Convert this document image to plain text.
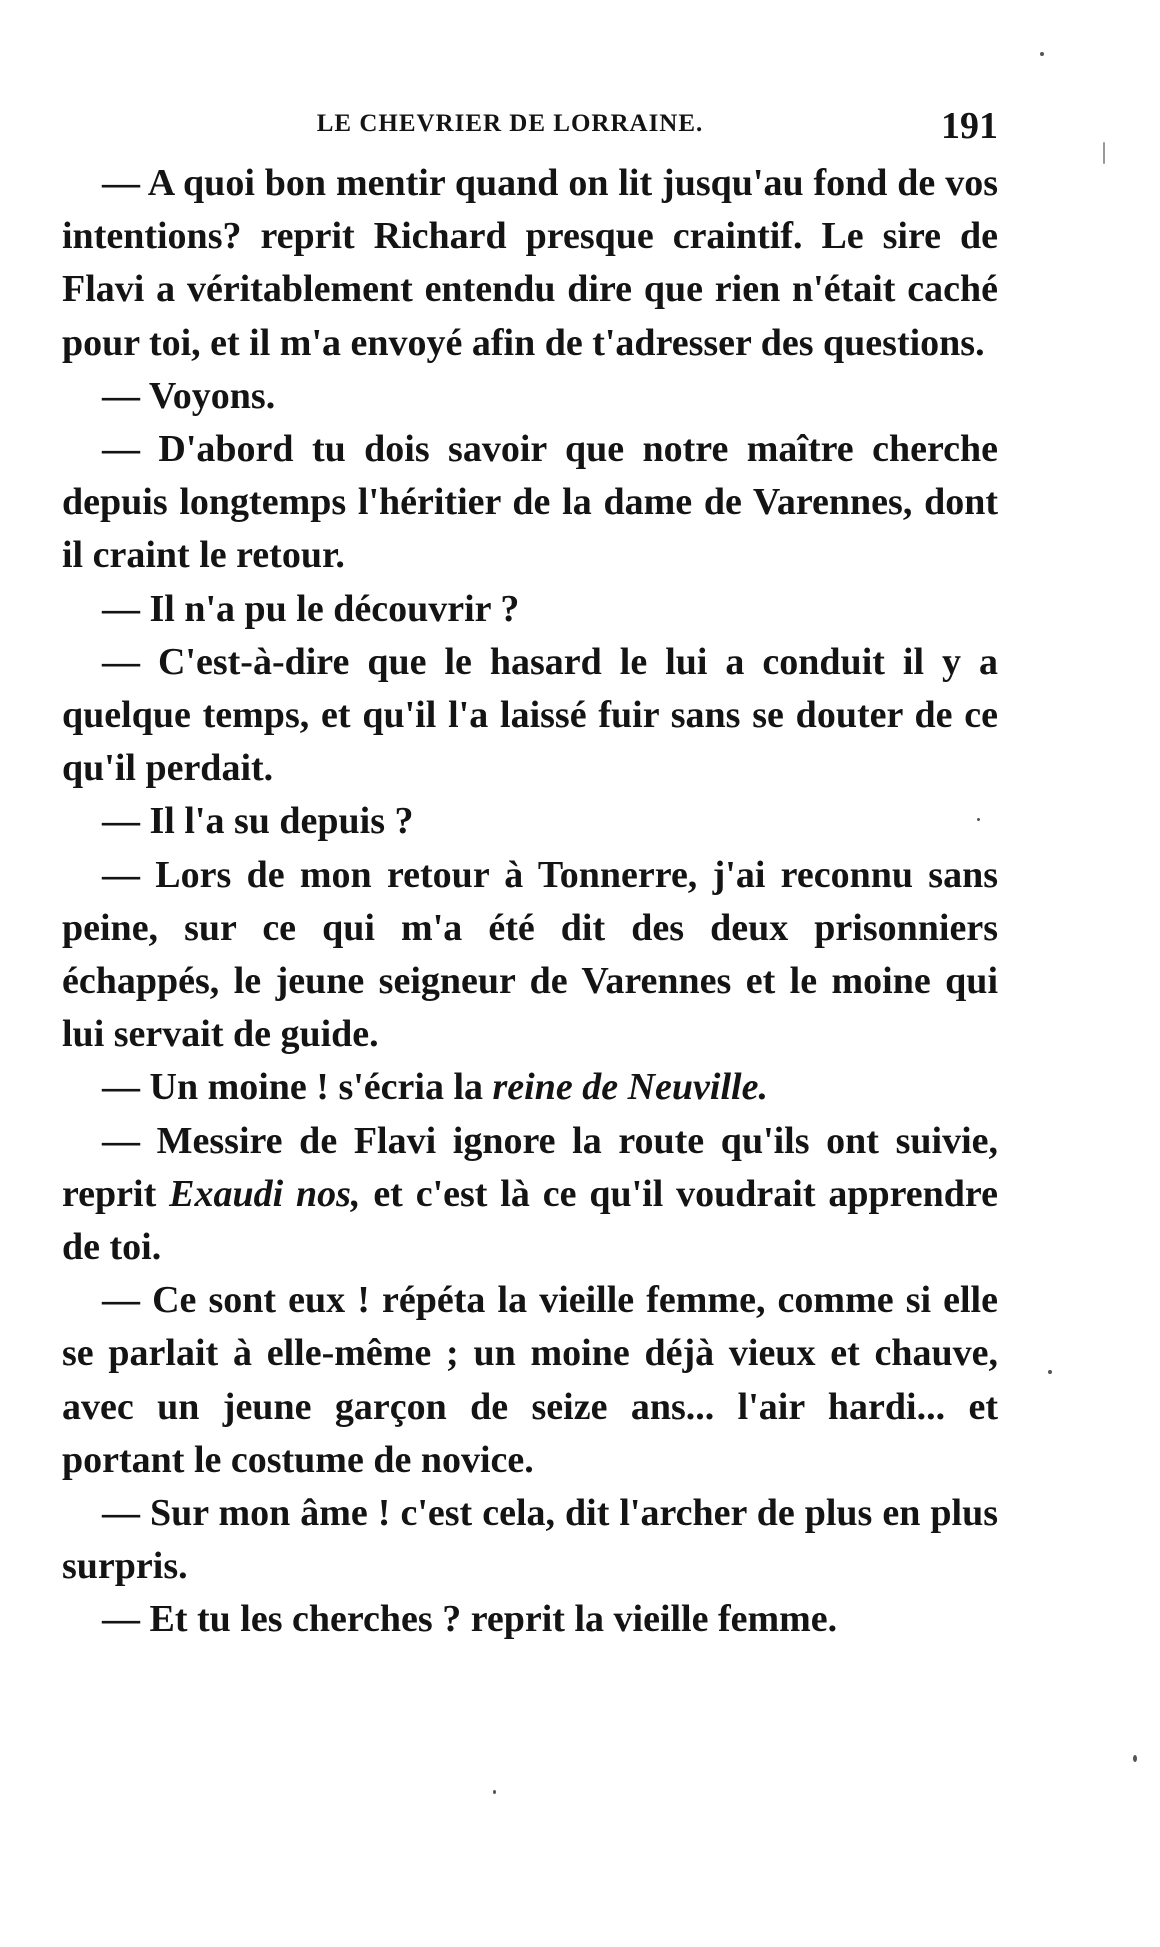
LE CHEVRIER DE LORRAINE.	191

— A quoi bon mentir quand on lit jusqu'au fond de vos intentions? reprit Richard presque craintif. Le sire de Flavi a véritablement entendu dire que rien n'était caché pour toi, et il m'a envoyé afin de t'adresser des questions.

— Voyons.

— D'abord tu dois savoir que notre maître cherche depuis longtemps l'héritier de la dame de Varennes, dont il craint le retour.

— Il n'a pu le découvrir ?

— C'est-à-dire que le hasard le lui a conduit il y a quelque temps, et qu'il l'a laissé fuir sans se douter de ce qu'il perdait.

— Il l'a su depuis ?

— Lors de mon retour à Tonnerre, j'ai reconnu sans peine, sur ce qui m'a été dit des deux prisonniers échappés, le jeune seigneur de Varennes et le moine qui lui servait de guide.

— Un moine ! s'écria la reine de Neuville.

— Messire de Flavi ignore la route qu'ils ont suivie, reprit Exaudi nos, et c'est là ce qu'il voudrait apprendre de toi.

— Ce sont eux ! répéta la vieille femme, comme si elle se parlait à elle-même ; un moine déjà vieux et chauve, avec un jeune garçon de seize ans... l'air hardi... et portant le costume de novice.

— Sur mon âme ! c'est cela, dit l'archer de plus en plus surpris.

— Et tu les cherches ? reprit la vieille femme.
